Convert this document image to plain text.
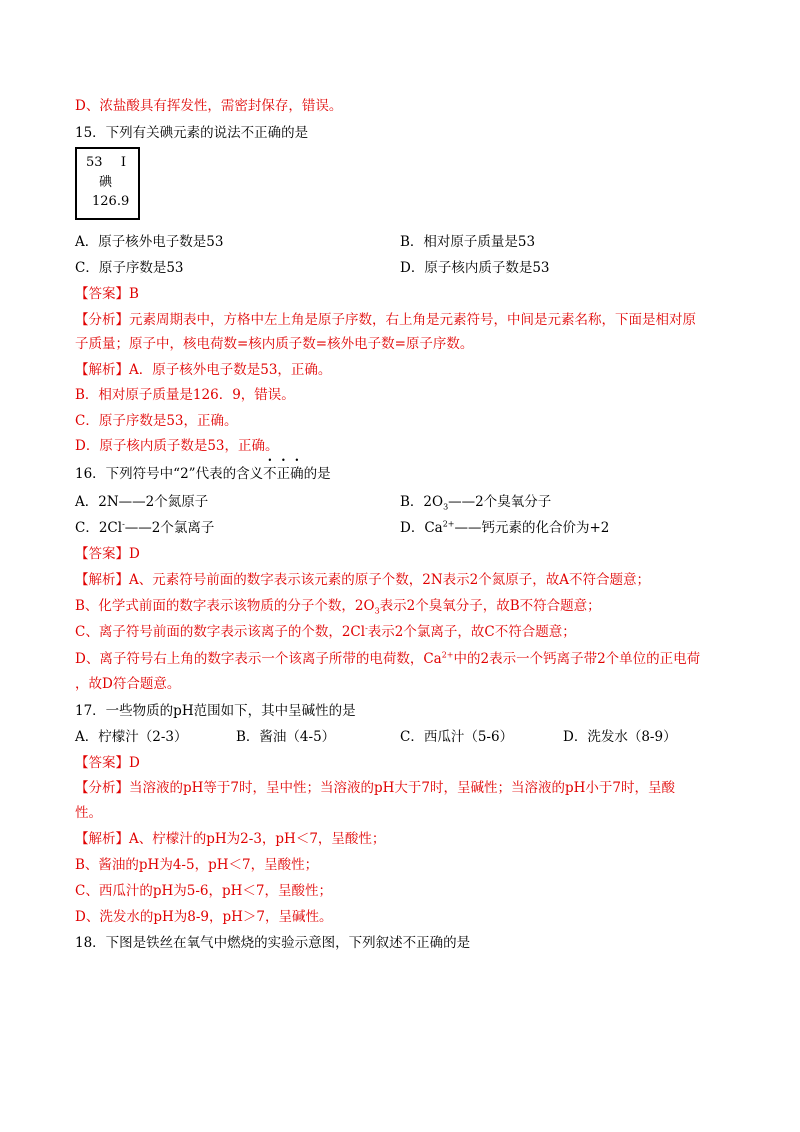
D、浓盐酸具有挥发性，需密封保存，错误。
15．下列有关碘元素的说法不正确的是
53 I
碘
126.9
A．原子核外电子数是53	B．相对原子质量是53
C．原子序数是53	D．原子核内质子数是53
【答案】B
【分析】元素周期表中，方格中左上角是原子序数，右上角是元素符号，中间是元素名称，下面是相对原
子质量；原子中，核电荷数=核内质子数=核外电子数=原子序数。
【解析】A．原子核外电子数是53，正确。
B．相对原子质量是126．9，错误。
C．原子序数是53，正确。
D．原子核内质子数是53，正确。
16．下列符号中“2”代表的含义不正确的是
A．2N——2个氮原子	B．$2O_3——2$个臭氧分子
C．2Cl-——2个氯离子	D．$Ca^{2+}——$钙元素的化合价为+2
【答案】D
【解析】A、元素符号前面的数字表示该元素的原子个数，2N表示2个氮原子，故A不符合题意；
B、化学式前面的数字表示该物质的分子个数，$2O_3$表示2个臭氧分子，故B不符合题意；
C、离子符号前面的数字表示该离子的个数，2Cl-表示2个氯离子，故C不符合题意；
D、离子符号右上角的数字表示一个该离子所带的电荷数，$Ca^{2+}$中的2表示一个钙离子带2个单位的正电荷
，故D符合题意。
17．一些物质的pH范围如下，其中呈碱性的是
A．柠檬汁（2-3）	B．酱油（4-5）	C．西瓜汁（5-6）	D．洗发水（8-9）
【答案】D
【分析】当溶液的pH等于7时，呈中性；当溶液的pH大于7时，呈碱性；当溶液的pH小于7时，呈酸
性。
【解析】A、柠檬汁的pH为2-3，pH＜7，呈酸性；
B、酱油的pH为4-5，pH＜7，呈酸性；
C、西瓜汁的pH为5-6，pH＜7，呈酸性；
D、洗发水的pH为8-9，pH＞7，呈碱性。
18．下图是铁丝在氧气中燃烧的实验示意图，下列叙述不正确的是
